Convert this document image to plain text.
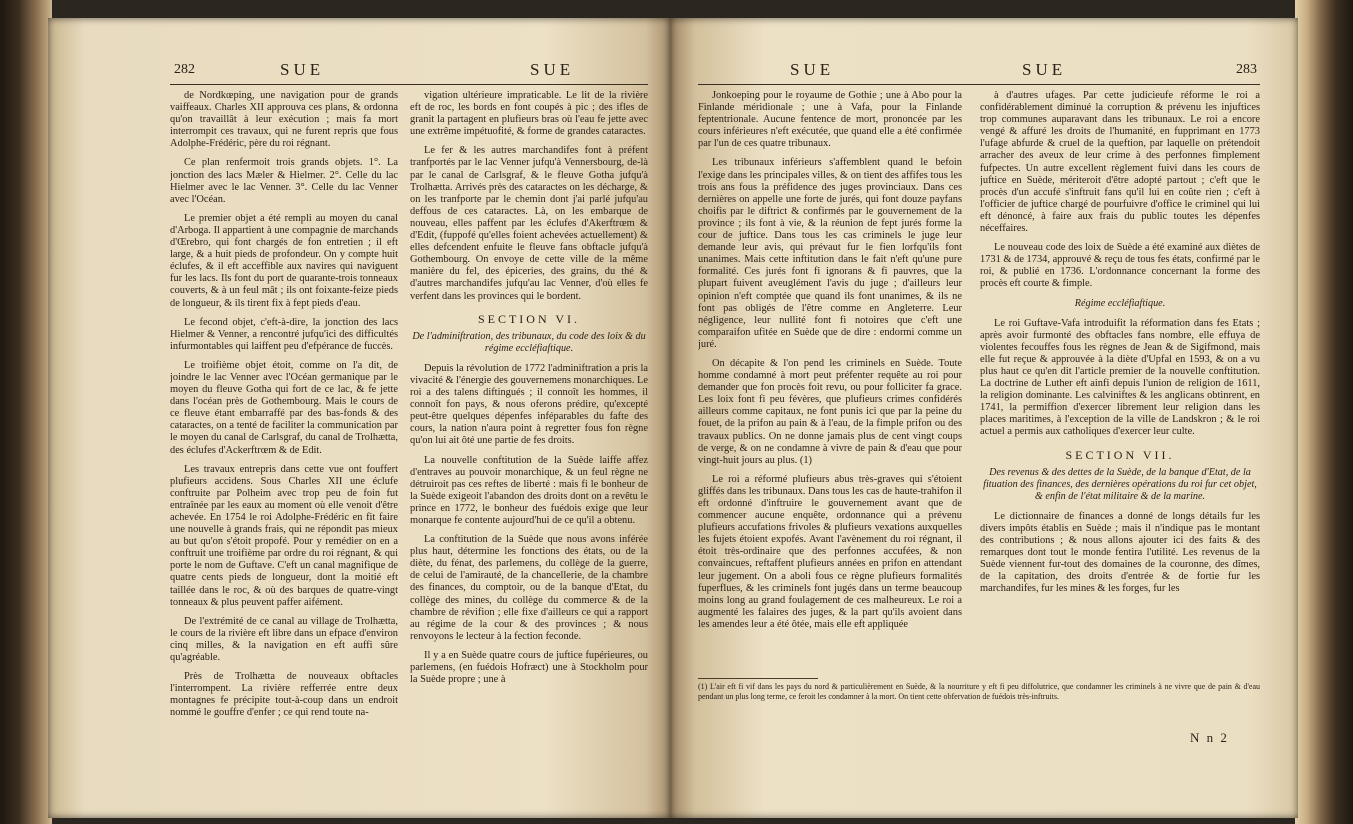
282	SUE	SUE

de Nordkœping, une navigation pour de grands vaiffeaux. Charles XII approuva ces plans, & ordonna qu'on travaillât à leur exécution ; mais fa mort interrompit ces travaux, qui ne furent repris que fous Adolphe-Frédéric, père du roi régnant.

Ce plan renfermoit trois grands objets. 1°. La jonction des lacs Mæler & Hielmer. 2°. Celle du lac Hielmer avec le lac Venner. 3°. Celle du lac Venner avec l'Océan.

Le premier objet a été rempli au moyen du canal d'Arboga. Il appartient à une compagnie de marchands d'Œrebro, qui font chargés de fon entretien ; il eft large, & a huit pieds de profondeur. On y compte huit éclufes, & il eft acceffible aux navires qui naviguent fur les lacs. Ils font du port de quarante-trois tonneaux couverts, & à un feul mât ; ils ont foixante-feize pieds de longueur, & ils tirent fix à fept pieds d'eau.

Le fecond objet, c'eft-à-dire, la jonction des lacs Hielmer & Venner, a rencontré jufqu'ici des difficultés infurmontables qui laiffent peu d'efpérance de fuccès.

Le troifième objet étoit, comme on l'a dit, de joindre le lac Venner avec l'Océan germanique par le moyen du fleuve Gotha qui fort de ce lac, & fe jette dans l'océan près de Gothembourg. Mais le cours de ce fleuve étant embarraffé par des bas-fonds & des cataractes, on a tenté de faciliter la communication par le moyen du canal de Carlsgraf, du canal de Trolhætta, des éclufes d'Ackerftrœm & de Edit.

Les travaux entrepris dans cette vue ont fouffert plufieurs accidens. Sous Charles XII une éclufe conftruite par Polheim avec trop peu de foin fut entraînée par les eaux au moment où elle venoit d'être achevée. En 1754 le roi Adolphe-Frédéric en fit faire une nouvelle à grands frais, qui ne répondit pas mieux au but qu'on s'étoit propofé. Pour y remédier on en a conftruit une troifième par ordre du roi régnant, & qui porte le nom de Guftave. C'eft un canal magnifique de quatre cents pieds de longueur, dont la moitié eft taillée dans le roc, & où des barques de quatre-vingt tonneaux & plus peuvent paffer aifément.

De l'extrémité de ce canal au village de Trolhætta, le cours de la rivière eft libre dans un efpace d'environ cinq milles, & la navigation en eft auffi sûre qu'agréable.

Près de Trolhætta de nouveaux obftacles l'interrompent. La rivière refferrée entre deux montagnes fe précipite tout-à-coup dans un endroit nommé le gouffre d'enfer ; ce qui rend toute na-

vigation ultérieure impraticable. Le lit de la rivière eft de roc, les bords en font coupés à pic ; des ifles de granit la partagent en plufieurs bras où l'eau fe jette avec une extrême impétuofité, & forme de grandes cataractes.

Le fer & les autres marchandifes font à préfent tranfportés par le lac Venner jufqu'à Vennersbourg, de-là par le canal de Carlsgraf, & le fleuve Gotha jufqu'à Trolhætta. Arrivés près des cataractes on les décharge, & on les tranfporte par le chemin dont j'ai parlé jufqu'au deffous de ces cataractes. Là, on les embarque de nouveau, elles paffent par les éclufes d'Akerftrœm & d'Edit, (fuppofé qu'elles foient achevées actuellement) & elles defcendent enfuite le fleuve fans obftacle jufqu'à Gothembourg. On envoye de cette ville de la même manière du fel, des épiceries, des grains, du thé & d'autres marchandifes jufqu'au lac Venner, d'où elles fe verfent dans les provinces qui le bordent.

SECTION VI.

De l'adminiftration, des tribunaux, du code des loix & du régime eccléfiaftique.

Depuis la révolution de 1772 l'adminiftration a pris la vivacité & l'énergie des gouvernemens monarchiques. Le roi a des talens diftingués ; il connoît les hommes, il connoît fon pays, & nous oferons prédire, qu'excepté peut-être quelques dépenfes inféparables du fafte des cours, la nation n'aura point à regretter fous fon règne qu'on lui ait ôté une partie de fes droits.

La nouvelle conftitution de la Suède laiffe affez d'entraves au pouvoir monarchique, & un feul règne ne détruiroit pas ces reftes de liberté : mais fi le bonheur de la Suède exigeoit l'abandon des droits dont on a revêtu le prince en 1772, le bonheur des fuédois exige que leur monarque fe contente aujourd'hui de ce qu'il a obtenu.

La conftitution de la Suède que nous avons inférée plus haut, détermine les fonctions des états, ou de la diète, du fénat, des parlemens, du collège de la guerre, de celui de l'amirauté, de la chancellerie, de la chambre des finances, du comptoir, ou de la banque d'Etat, du collège des mines, du collège du commerce & de la chambre de révifion ; elle fixe d'ailleurs ce qui a rapport au régime de la cour & des provinces ; & nous renvoyons le lecteur à la fection feconde.

Il y a en Suède quatre cours de juftice fupérieures, ou parlemens, (en fuédois Hofræct) une à Stockholm pour la Suède propre ; une à

SUE	SUE	283

Jonkoeping pour le royaume de Gothie ; une à Abo pour la Finlande méridionale ; une à Vafa, pour la Finlande feptentrionale. Aucune fentence de mort, prononcée par les cours inférieures n'eft exécutée, que quand elle a été confirmée par l'un de ces quatre tribunaux.

Les tribunaux inférieurs s'affemblent quand le befoin l'exige dans les principales villes, & on tient des affifes tous les trois ans fous la préfidence des juges provinciaux. Dans ces dernières on appelle une forte de jurés, qui font douze payfans choifis par le diftrict & confirmés par le gouvernement de la province ; ils font à vie, & la réunion de fept jurés forme la cour de juftice. Dans tous les cas criminels le juge leur demande leur avis, qui prévaut fur le fien lorfqu'ils font unanimes. Mais cette inftitution dans le fait n'eft qu'une pure formalité. Ces jurés font fi ignorans & fi pauvres, que la plupart fuivent aveuglément l'avis du juge ; d'ailleurs leur opinion n'eft comptée que quand ils font unanimes, & ils ne font pas obligés de l'être comme en Angleterre. Leur négligence, leur nullité font fi notoires que c'eft une comparaifon ufitée en Suède que de dire : endormi comme un juré.

On décapite & l'on pend les criminels en Suède. Toute homme condamné à mort peut préfenter requête au roi pour demander que fon procès foit revu, ou pour folliciter fa grace. Les loix font fi peu févères, que plufieurs crimes confidérés ailleurs comme capitaux, ne font punis ici que par la peine du fouet, de la prifon au pain & à l'eau, de la fimple prifon ou des travaux publics. On ne donne jamais plus de cent vingt coups de verge, & on ne condamne à vivre de pain & d'eau que pour vingt-huit jours au plus. (1)

Le roi a réformé plufieurs abus très-graves qui s'étoient gliffés dans les tribunaux. Dans tous les cas de haute-trahifon il eft ordonné d'inftruire le gouvernement avant que de commencer aucune enquête, ordonnance qui a prévenu plufieurs accufations frivoles & plufieurs vexations auxquelles les fujets étoient expofés. Avant l'avènement du roi régnant, il étoit très-ordinaire que des perfonnes accufées, & non convaincues, reftaffent plufieurs années en prifon en attendant leur jugement. On a aboli fous ce règne plufieurs formalités fuperflues, & les criminels font jugés dans un terme beaucoup moins long au grand foulagement de ces malheureux. Le roi a augmenté les falaires des juges, & la part qu'ils avoient dans les amendes leur a été ôtée, mais elle eft appliquée

à d'autres ufages. Par cette judicieufe réforme le roi a confidérablement diminué la corruption & prévenu les injuftices trop communes auparavant dans les tribunaux. Le roi a encore vengé & affuré les droits de l'humanité, en fupprimant en 1773 l'ufage abfurde & cruel de la queftion, par laquelle on prétendoit arracher des aveux de leur crime à des perfonnes fimplement fufpectes. Un autre excellent règlement fuivi dans les cours de juftice en Suède, mériteroit d'être adopté partout ; c'eft que le procès d'un accufé s'inftruit fans qu'il lui en coûte rien ; c'eft à l'officier de juftice chargé de pourfuivre d'office le criminel qui lui eft dénoncé, à faire aux frais du public toutes les dépenfes néceffaires.

Le nouveau code des loix de Suède a été examiné aux diètes de 1731 & de 1734, approuvé & reçu de tous fes états, confirmé par le roi, & publié en 1736. L'ordonnance concernant la forme des procès eft courte & fimple.

Régime eccléfiaftique.

Le roi Guftave-Vafa introduifit la réformation dans fes Etats ; après avoir furmonté des obftacles fans nombre, elle effuya de violentes fecouffes fous les règnes de Jean & de Sigifmond, mais elle fut reçue & approuvée à la diète d'Upfal en 1593, & on a vu plus haut ce qu'en dit l'article premier de la nouvelle conftitution. La doctrine de Luther eft ainfi depuis l'union de religion de 1611, la religion dominante. Les calviniftes & les anglicans obtinrent, en 1741, la permiffion d'exercer librement leur religion dans les places maritimes, à l'exception de la ville de Landskron ; & le roi actuel a permis aux catholiques d'exercer leur culte.

SECTION VII.

Des revenus & des dettes de la Suède, de la banque d'Etat, de la fituation des finances, des dernières opérations du roi fur cet objet, & enfin de l'état militaire & de la marine.

Le dictionnaire de finances a donné de longs détails fur les divers impôts établis en Suède ; mais il n'indique pas le montant des contributions ; & nous allons ajouter ici des faits & des remarques dont tout le monde fentira l'utilité. Les revenus de la Suède viennent fur-tout des domaines de la couronne, des dîmes, de la capitation, des droits d'entrée & de fortie fur les marchandifes, fur les mines & les forges, fur les

(1) L'air eft fi vif dans les pays du nord & particulièrement en Suède, & la nourriture y eft fi peu diffolutrice, que condamner les criminels à ne vivre que de pain & d'eau pendant un plus long terme, ce feroit les condamner à la mort. On tient cette obfervation de fuédois très-inftruits.
N n 2
